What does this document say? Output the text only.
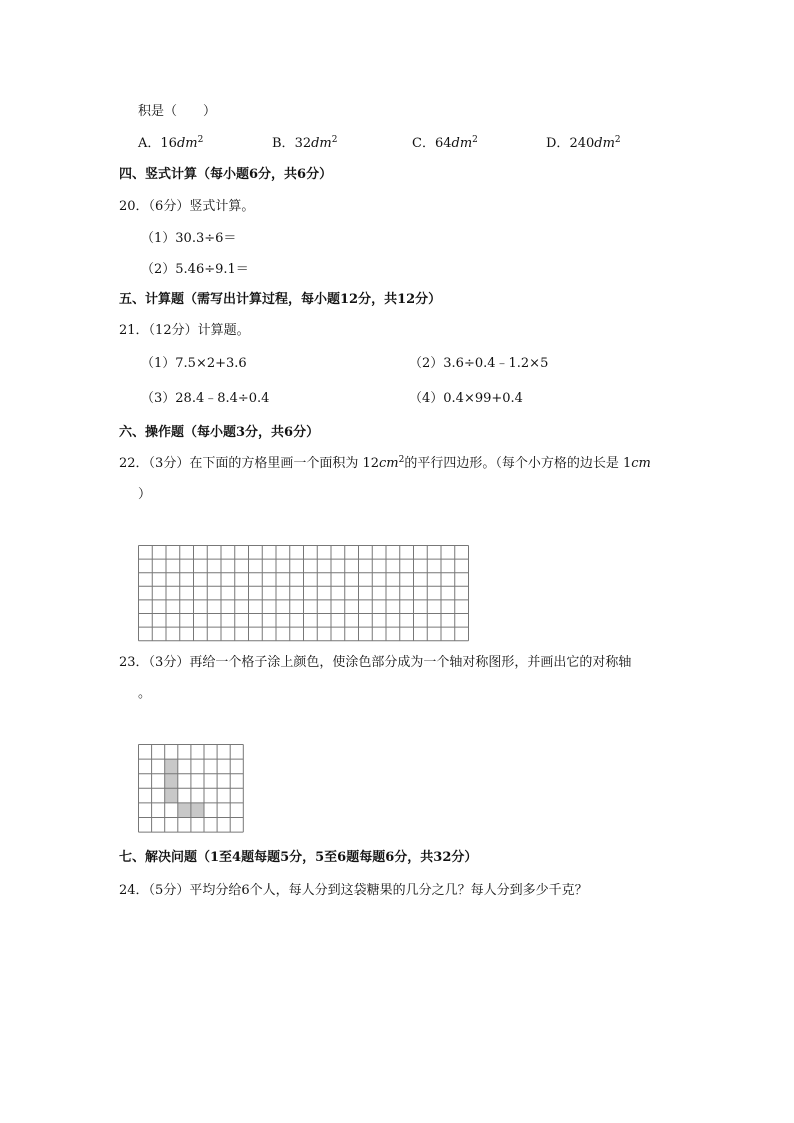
积是（　　）
A．$16dm^2$	B．$32dm^2$	C．$64dm^2$	D．$240dm^2$
四、竖式计算（每小题6分，共6分）
20．（6分）竖式计算。
（1）30.3÷6＝
（2）5.46÷9.1＝
五、计算题（需写出计算过程，每小题12分，共12分）
21．（12分）计算题。
（1）7.5×2+3.6	（2）3.6÷0.4﹣1.2×5
（3）28.4﹣8.4÷0.4	（4）0.4×99+0.4
六、操作题（每小题3分，共6分）
22．（3分）在下面的方格里画一个面积为 $12cm^2$的平行四边形。（每个小方格的边长是 1cm
）
23．（3分）再给一个格子涂上颜色，使涂色部分成为一个轴对称图形，并画出它的对称轴
。
七、解决问题（1至4题每题5分，5至6题每题6分，共32分）
24．（5分）平均分给6个人，每人分到这袋糖果的几分之几？每人分到多少千克？
